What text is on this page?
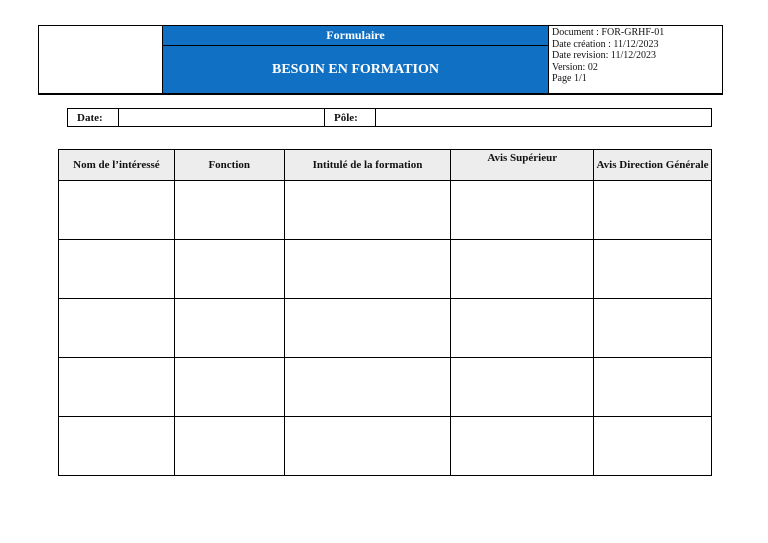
Formulaire
BESOIN EN FORMATION
Document : FOR-GRHF-01
Date création : 11/12/2023
Date revision: 11/12/2023
Version: 02
Page 1/1
Date:	Pôle:
Nom de l’intéressé	Fonction	Intitulé de la formation	Avis Supérieur	Avis Direction Générale
